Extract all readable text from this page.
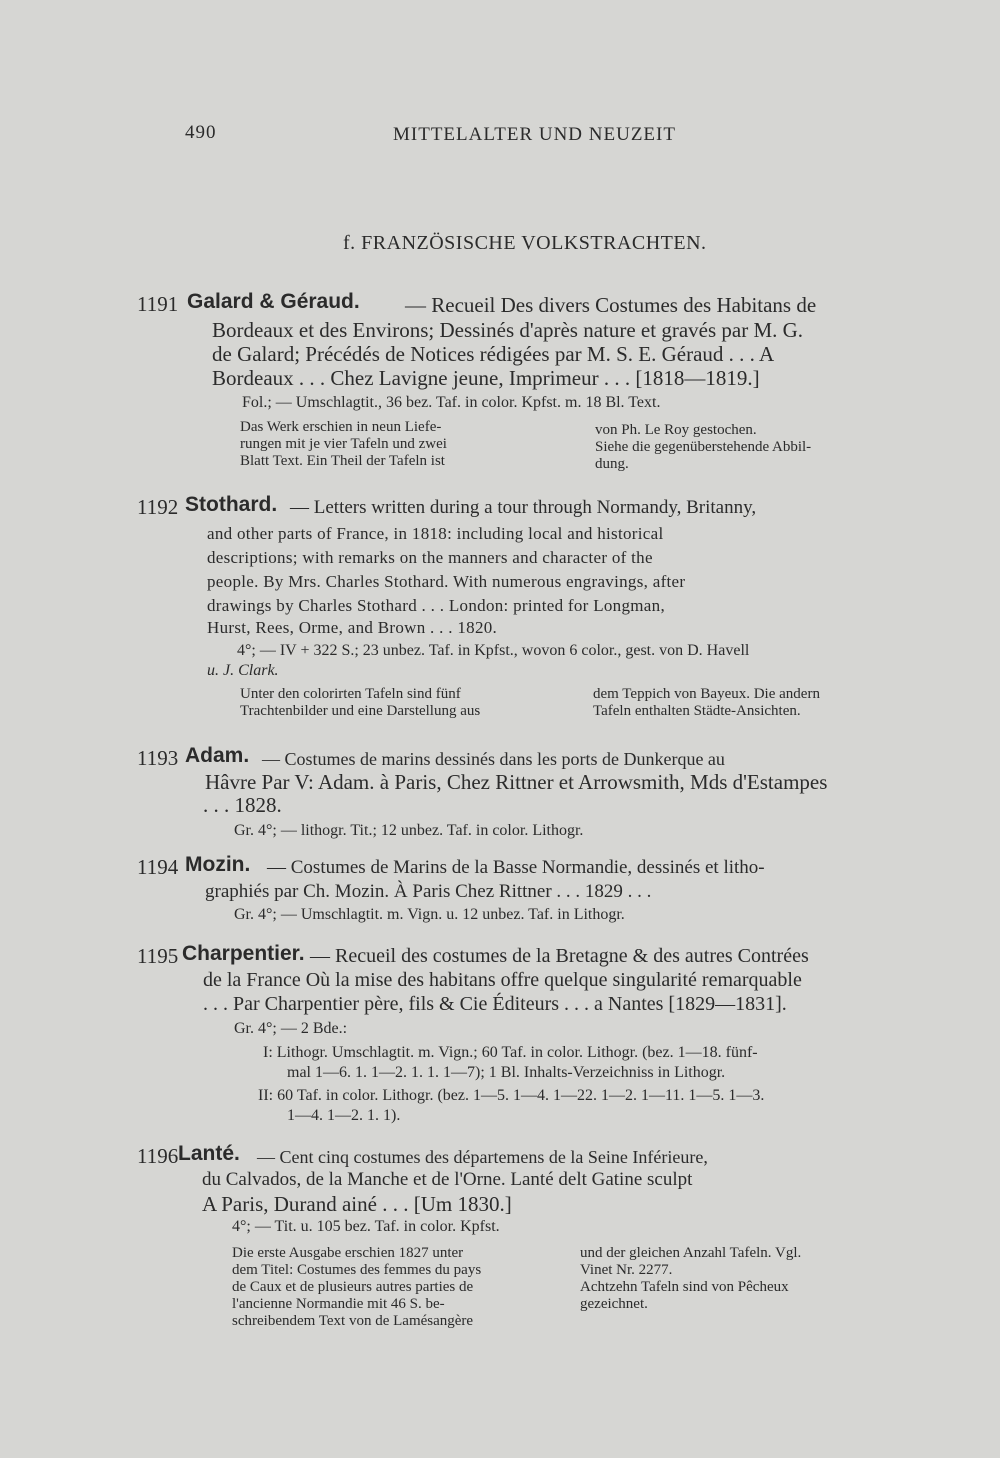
490	MITTELALTER UND NEUZEIT
f. FRANZÖSISCHE VOLKSTRACHTEN.
1191 Galard & Géraud. — Recueil Des divers Costumes des Habitans de
Bordeaux et des Environs; Dessinés d'après nature et gravés par M. G.
de Galard; Précédés de Notices rédigées par M. S. E. Géraud . . . A
Bordeaux . . . Chez Lavigne jeune, Imprimeur . . . [1818—1819.]
Fol.; — Umschlagtit., 36 bez. Taf. in color. Kpfst. m. 18 Bl. Text.
Das Werk erschien in neun Liefe-
rungen mit je vier Tafeln und zwei
Blatt Text. Ein Theil der Tafeln ist
von Ph. Le Roy gestochen.
Siehe die gegenüberstehende Abbil-
dung.
1192 Stothard. — Letters written during a tour through Normandy, Britanny,
and other parts of France, in 1818: including local and historical
descriptions; with remarks on the manners and character of the
people. By Mrs. Charles Stothard. With numerous engravings, after
drawings by Charles Stothard . . . London: printed for Longman,
Hurst, Rees, Orme, and Brown . . . 1820.
4°; — IV + 322 S.; 23 unbez. Taf. in Kpfst., wovon 6 color., gest. von D. Havell
u. J. Clark.
Unter den colorirten Tafeln sind fünf
Trachtenbilder und eine Darstellung aus
dem Teppich von Bayeux. Die andern
Tafeln enthalten Städte-Ansichten.
1193 Adam. — Costumes de marins dessinés dans les ports de Dunkerque au
Hâvre Par V: Adam. à Paris, Chez Rittner et Arrowsmith, Mds d'Estampes
. . . 1828.
Gr. 4°; — lithogr. Tit.; 12 unbez. Taf. in color. Lithogr.
1194 Mozin. — Costumes de Marins de la Basse Normandie, dessinés et litho-
graphiés par Ch. Mozin. À Paris Chez Rittner . . . 1829 . . .
Gr. 4°; — Umschlagtit. m. Vign. u. 12 unbez. Taf. in Lithogr.
1195 Charpentier. — Recueil des costumes de la Bretagne & des autres Contrées
de la France Où la mise des habitans offre quelque singularité remarquable
. . . Par Charpentier père, fils & Cie Éditeurs . . . a Nantes [1829—1831].
Gr. 4°; — 2 Bde.:
I: Lithogr. Umschlagtit. m. Vign.; 60 Taf. in color. Lithogr. (bez. 1—18. fünf-
mal 1—6. 1. 1—2. 1. 1. 1—7); 1 Bl. Inhalts-Verzeichniss in Lithogr.
II: 60 Taf. in color. Lithogr. (bez. 1—5. 1—4. 1—22. 1—2. 1—11. 1—5. 1—3.
1—4. 1—2. 1. 1).
1196 Lanté. — Cent cinq costumes des départemens de la Seine Inférieure,
du Calvados, de la Manche et de l'Orne. Lanté delt Gatine sculpt
A Paris, Durand ainé . . . [Um 1830.]
4°; — Tit. u. 105 bez. Taf. in color. Kpfst.
Die erste Ausgabe erschien 1827 unter
dem Titel: Costumes des femmes du pays
de Caux et de plusieurs autres parties de
l'ancienne Normandie mit 46 S. be-
schreibendem Text von de Lamésangère
und der gleichen Anzahl Tafeln. Vgl.
Vinet Nr. 2277.
Achtzehn Tafeln sind von Pêcheux
gezeichnet.
